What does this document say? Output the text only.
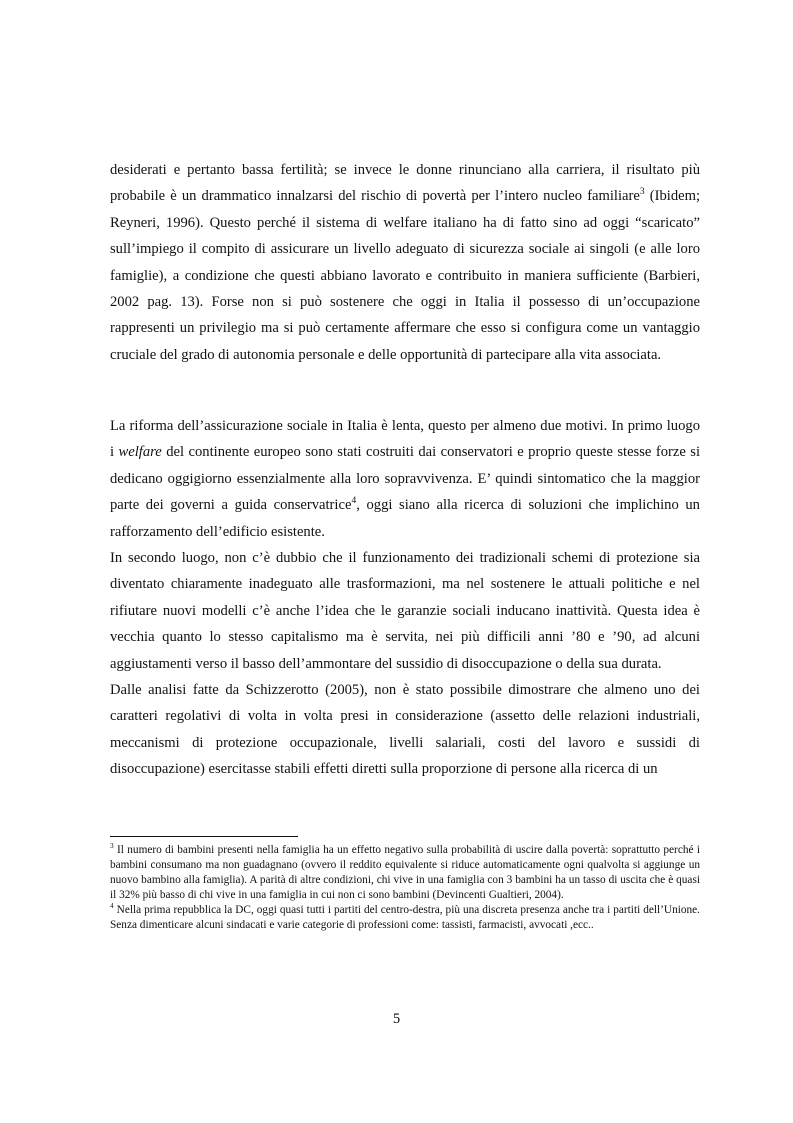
desiderati e pertanto bassa fertilità; se invece le donne rinunciano alla carriera, il risultato più probabile è un drammatico innalzarsi del rischio di povertà per l’intero nucleo familiare$^3$ (Ibidem; Reyneri, 1996). Questo perché il sistema di welfare italiano ha di fatto sino ad oggi “scaricato” sull’impiego il compito di assicurare un livello adeguato di sicurezza sociale ai singoli (e alle loro famiglie), a condizione che questi abbiano lavorato e contribuito in maniera sufficiente (Barbieri, 2002 pag. 13). Forse non si può sostenere che oggi in Italia il possesso di un’occupazione rappresenti un privilegio ma si può certamente affermare che esso si configura come un vantaggio cruciale del grado di autonomia personale e delle opportunità di partecipare alla vita associata.

La riforma dell’assicurazione sociale in Italia è lenta, questo per almeno due motivi. In primo luogo i welfare del continente europeo sono stati costruiti dai conservatori e proprio queste stesse forze si dedicano oggigiorno essenzialmente alla loro sopravvivenza. E’ quindi sintomatico che la maggior parte dei governi a guida conservatrice$^4$, oggi siano alla ricerca di soluzioni che implichino un rafforzamento dell’edificio esistente.

In secondo luogo, non c’è dubbio che il funzionamento dei tradizionali schemi di protezione sia diventato chiaramente inadeguato alle trasformazioni, ma nel sostenere le attuali politiche e nel rifiutare nuovi modelli c’è anche l’idea che le garanzie sociali inducano inattività. Questa idea è vecchia quanto lo stesso capitalismo ma è servita, nei più difficili anni ’80 e ’90, ad alcuni aggiustamenti verso il basso dell’ammontare del sussidio di disoccupazione o della sua durata.

Dalle analisi fatte da Schizzerotto (2005), non è stato possibile dimostrare che almeno uno dei caratteri regolativi di volta in volta presi in considerazione (assetto delle relazioni industriali, meccanismi di protezione occupazionale, livelli salariali, costi del lavoro e sussidi di disoccupazione) esercitasse stabili effetti diretti sulla proporzione di persone alla ricerca di un

$^3$ Il numero di bambini presenti nella famiglia ha un effetto negativo sulla probabilità di uscire dalla povertà: soprattutto perché i bambini consumano ma non guadagnano (ovvero il reddito equivalente si riduce automaticamente ogni qualvolta si aggiunge un nuovo bambino alla famiglia). A parità di altre condizioni, chi vive in una famiglia con 3 bambini ha un tasso di uscita che è quasi il 32% più basso di chi vive in una famiglia in cui non ci sono bambini (Devincenti Gualtieri, 2004).

$^4$ Nella prima repubblica la DC, oggi quasi tutti i partiti del centro-destra, più una discreta presenza anche tra i partiti dell’Unione. Senza dimenticare alcuni sindacati e varie categorie di professioni come: tassisti, farmacisti, avvocati ,ecc..

5
